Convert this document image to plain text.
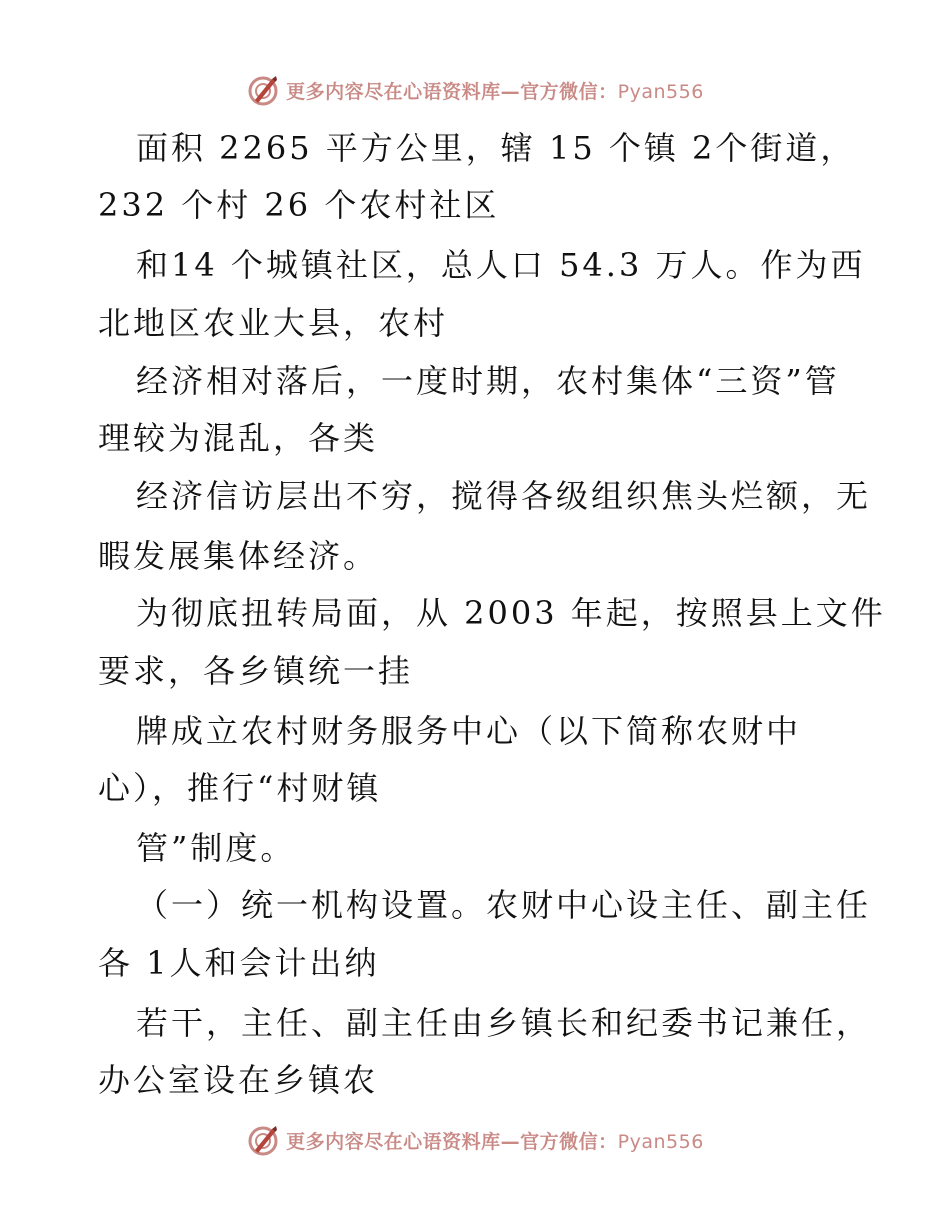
更多内容尽在心语资料库—官方微信：Pyan556
面积 2265 平方公里，辖 15 个镇 2个街道，
232 个村 26 个农村社区
和14 个城镇社区，总人口 54.3 万人。作为西
北地区农业大县，农村
经济相对落后，一度时期，农村集体“三资”管
理较为混乱，各类
经济信访层出不穷，搅得各级组织焦头烂额，无
暇发展集体经济。
为彻底扭转局面，从 2003 年起，按照县上文件
要求，各乡镇统一挂
牌成立农村财务服务中心（以下简称农财中
心），推行“村财镇
管”制度。
（一）统一机构设置。农财中心设主任、副主任
各 1人和会计出纳
若干，主任、副主任由乡镇长和纪委书记兼任，
办公室设在乡镇农
更多内容尽在心语资料库—官方微信：Pyan556
